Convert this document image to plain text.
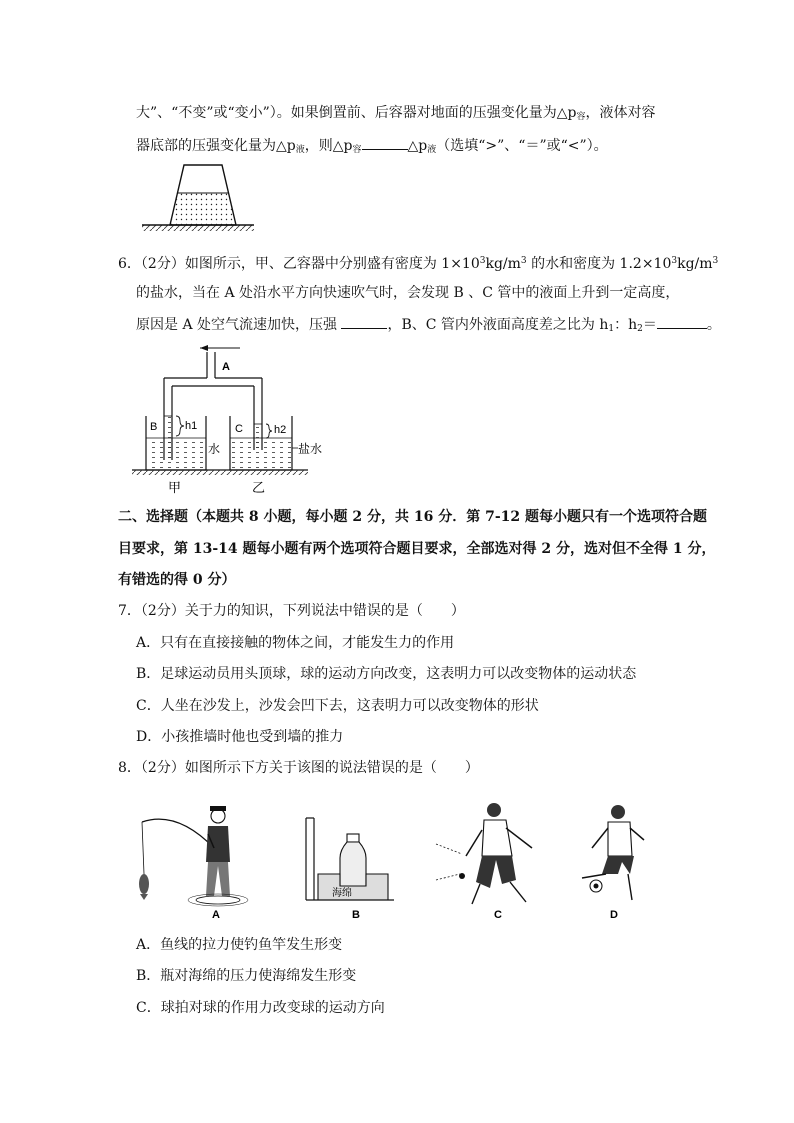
大”、“不变”或“变小”）。如果倒置前、后容器对地面的压强变化量为$\triangle p_容$，液体对容
器底部的压强变化量为$\triangle p_液$，则$\triangle p_容$	$\triangle p_液$（选填“>”、“＝”或“<”）。
6．（2分）如图所示，甲、乙容器中分别盛有密度为 $1\times 10^3kg/m^3$ 的水和密度为 $1.2\times 10^3kg/m^3$
的盐水，当在 A 处沿水平方向快速吹气时，会发现 B 、C 管中的液面上升到一定高度，
原因是 A 处空气流速加快，压强	，B、C 管内外液面高度差之比为 $h_1$：$h_2=$	。
A
h1
B
水
h2
C
盐水
甲	乙
二、选择题（本题共 8 小题，每小题 2 分，共 16 分．第 7-12 题每小题只有一个选项符合题
目要求，第 13-14 题每小题有两个选项符合题目要求，全部选对得 2 分，选对但不全得 1 分，
有错选的得 0 分）
7．（2分）关于力的知识，下列说法中错误的是（　　）
A．只有在直接接触的物体之间，才能发生力的作用
B．足球运动员用头顶球，球的运动方向改变，这表明力可以改变物体的运动状态
C．人坐在沙发上，沙发会凹下去，这表明力可以改变物体的形状
D．小孩推墙时他也受到墙的推力
8．（2分）如图所示下方关于该图的说法错误的是（　　）
A
海绵
B	C	D
A．鱼线的拉力使钓鱼竿发生形变
B．瓶对海绵的压力使海绵发生形变
C．球拍对球的作用力改变球的运动方向
